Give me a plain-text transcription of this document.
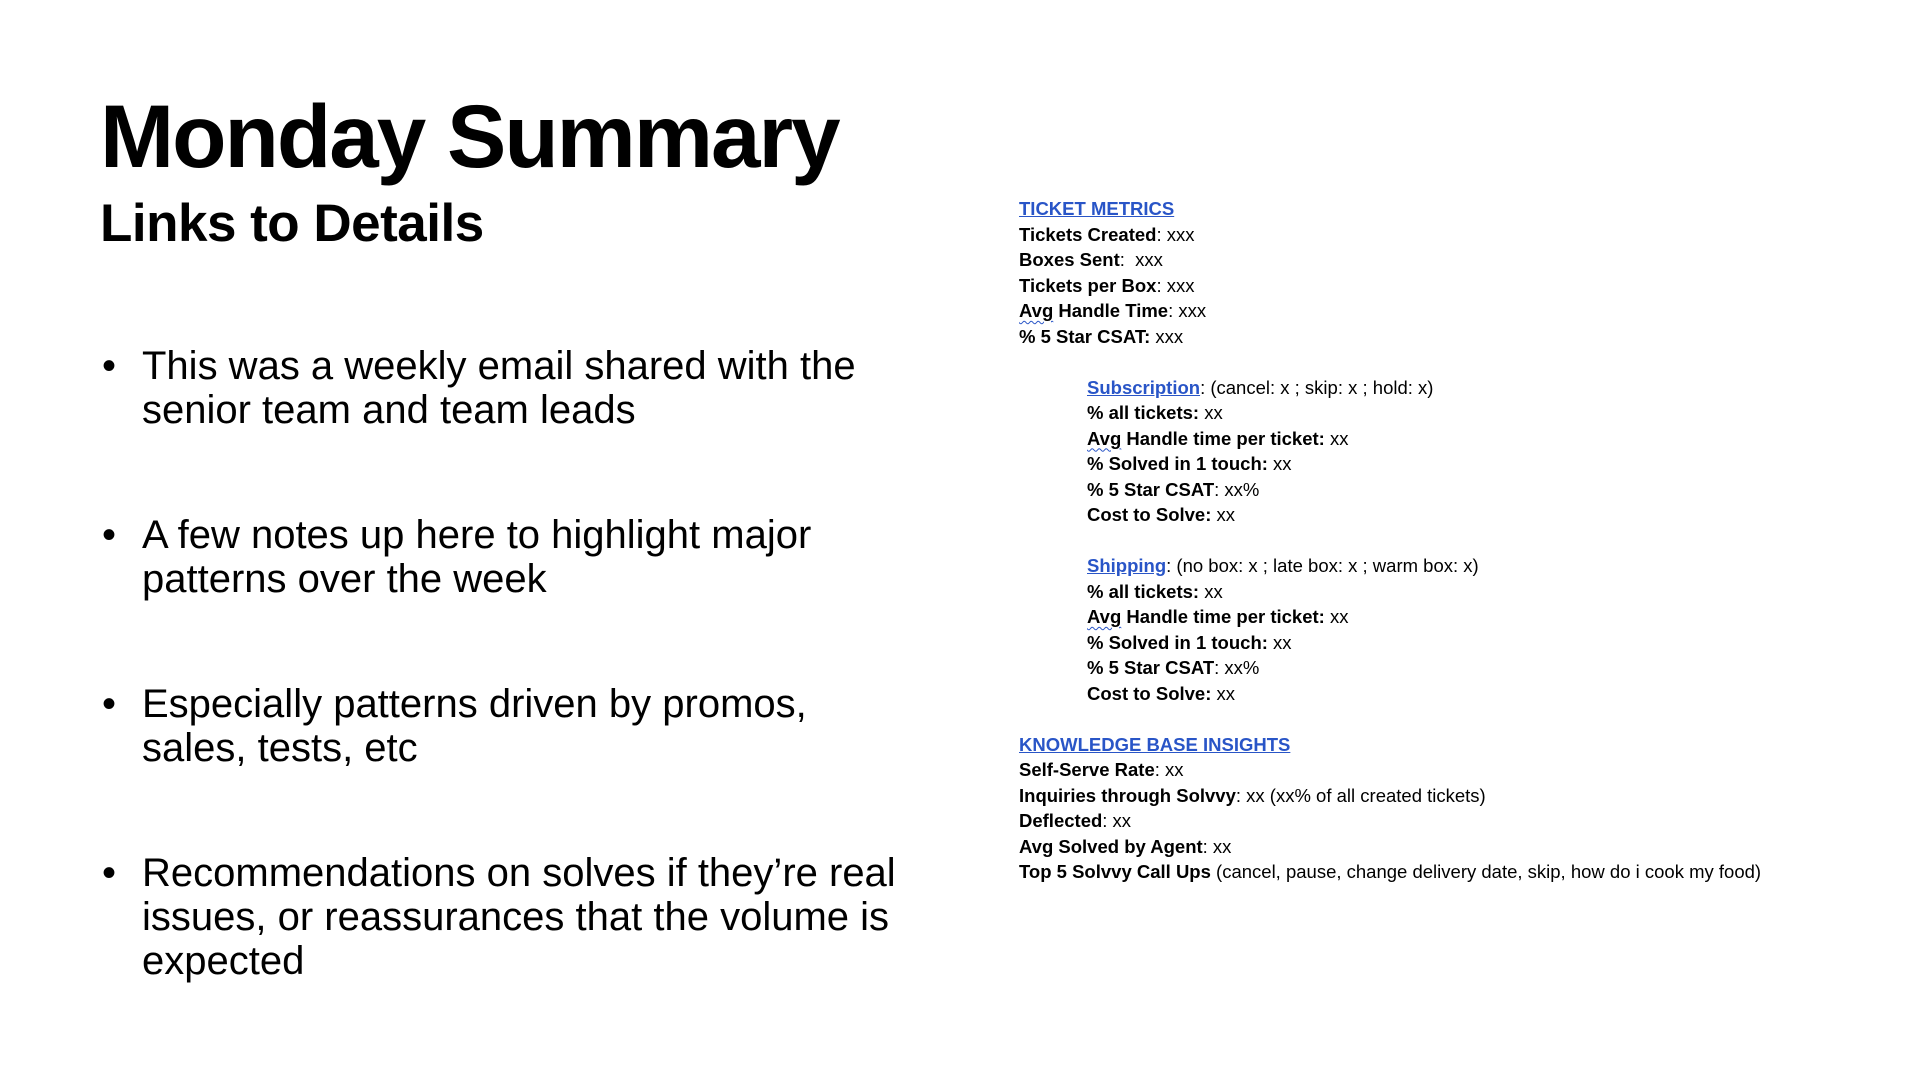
Monday Summary
Links to Details
• This was a weekly email shared with the senior team and team leads
• A few notes up here to highlight major patterns over the week
• Especially patterns driven by promos, sales, tests, etc
• Recommendations on solves if they’re real issues, or reassurances that the volume is expected
TICKET METRICS
Tickets Created: xxx
Boxes Sent:  xxx
Tickets per Box: xxx
Avg Handle Time: xxx
% 5 Star CSAT: xxx
Subscription: (cancel: x ; skip: x ; hold: x)
% all tickets: xx
Avg Handle time per ticket: xx
% Solved in 1 touch: xx
% 5 Star CSAT: xx%
Cost to Solve: xx
Shipping: (no box: x ; late box: x ; warm box: x)
% all tickets: xx
Avg Handle time per ticket: xx
% Solved in 1 touch: xx
% 5 Star CSAT: xx%
Cost to Solve: xx
KNOWLEDGE BASE INSIGHTS
Self-Serve Rate: xx
Inquiries through Solvvy: xx (xx% of all created tickets)
Deflected: xx
Avg Solved by Agent: xx
Top 5 Solvvy Call Ups (cancel, pause, change delivery date, skip, how do i cook my food)
